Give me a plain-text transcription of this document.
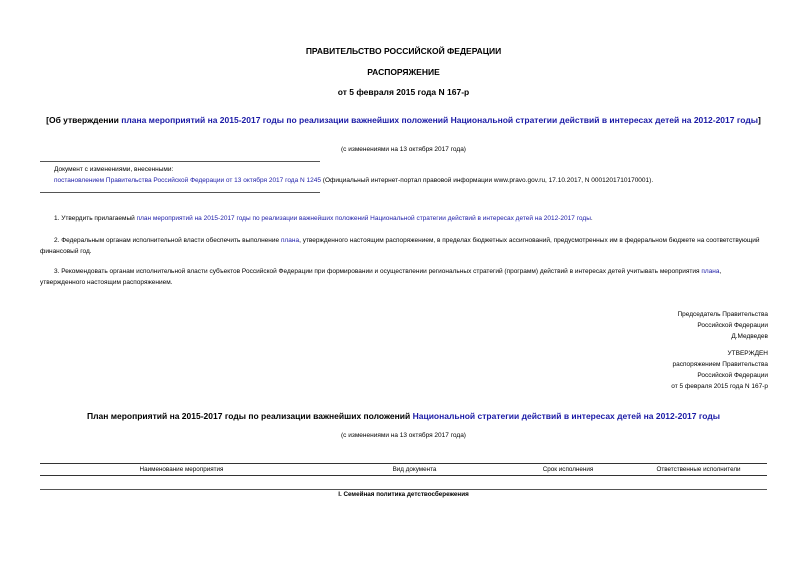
ПРАВИТЕЛЬСТВО РОССИЙСКОЙ ФЕДЕРАЦИИ
РАСПОРЯЖЕНИЕ
от 5 февраля 2015 года N 167-р
[Об утверждении плана мероприятий на 2015-2017 годы по реализации важнейших положений Национальной стратегии действий в интересах детей на 2012-2017 годы]
(с изменениями на 13 октября 2017 года)
Документ с изменениями, внесенными:
постановлением Правительства Российской Федерации от 13 октября 2017 года N 1245 (Официальный интернет-портал правовой информации www.pravo.gov.ru, 17.10.2017, N 0001201710170001).
1. Утвердить прилагаемый план мероприятий на 2015-2017 годы по реализации важнейших положений Национальной стратегии действий в интересах детей на 2012-2017 годы.
2. Федеральным органам исполнительной власти обеспечить выполнение плана, утвержденного настоящим распоряжением, в пределах бюджетных ассигнований, предусмотренных им в федеральном бюджете на соответствующий финансовый год.
3. Рекомендовать органам исполнительной власти субъектов Российской Федерации при формировании и осуществлении региональных стратегий (программ) действий в интересах детей учитывать мероприятия плана, утвержденного настоящим распоряжением.
Председатель Правительства
Российской Федерации
Д.Медведев
УТВЕРЖДЕН
распоряжением Правительства
Российской Федерации
от 5 февраля 2015 года N 167-р
План мероприятий на 2015-2017 годы по реализации важнейших положений Национальной стратегии действий в интересах детей на 2012-2017 годы
(с изменениями на 13 октября 2017 года)
Наименование мероприятия	Вид документа	Срок исполнения	Ответственные исполнители
I. Семейная политика детствосбережения
